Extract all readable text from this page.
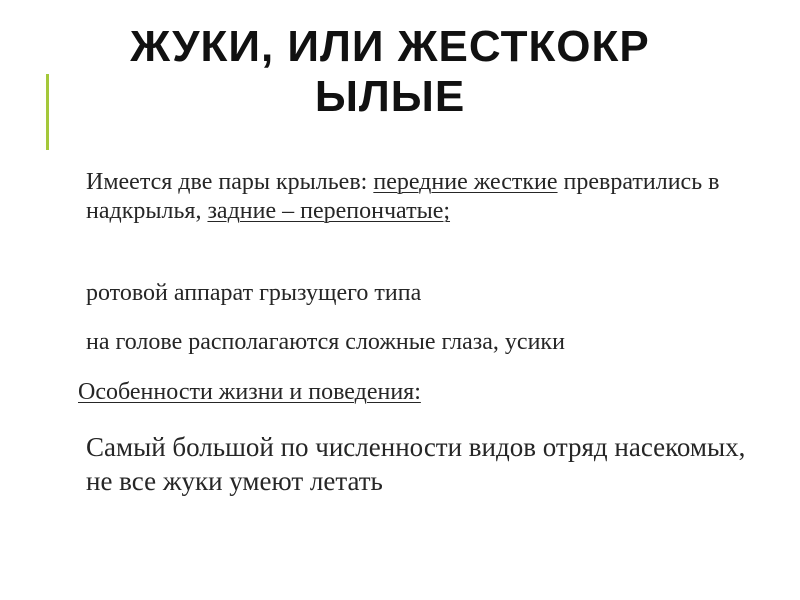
ЖУКИ, ИЛИ ЖЕСТКОКР
ЫЛЫЕ

Имеется две пары крыльев: передние жесткие превратились в надкрылья, задние – перепончатые;

ротовой аппарат грызущего типа

на голове располагаются сложные глаза, усики

Особенности жизни и поведения:

Самый большой по численности видов отряд насекомых, не все жуки умеют летать
